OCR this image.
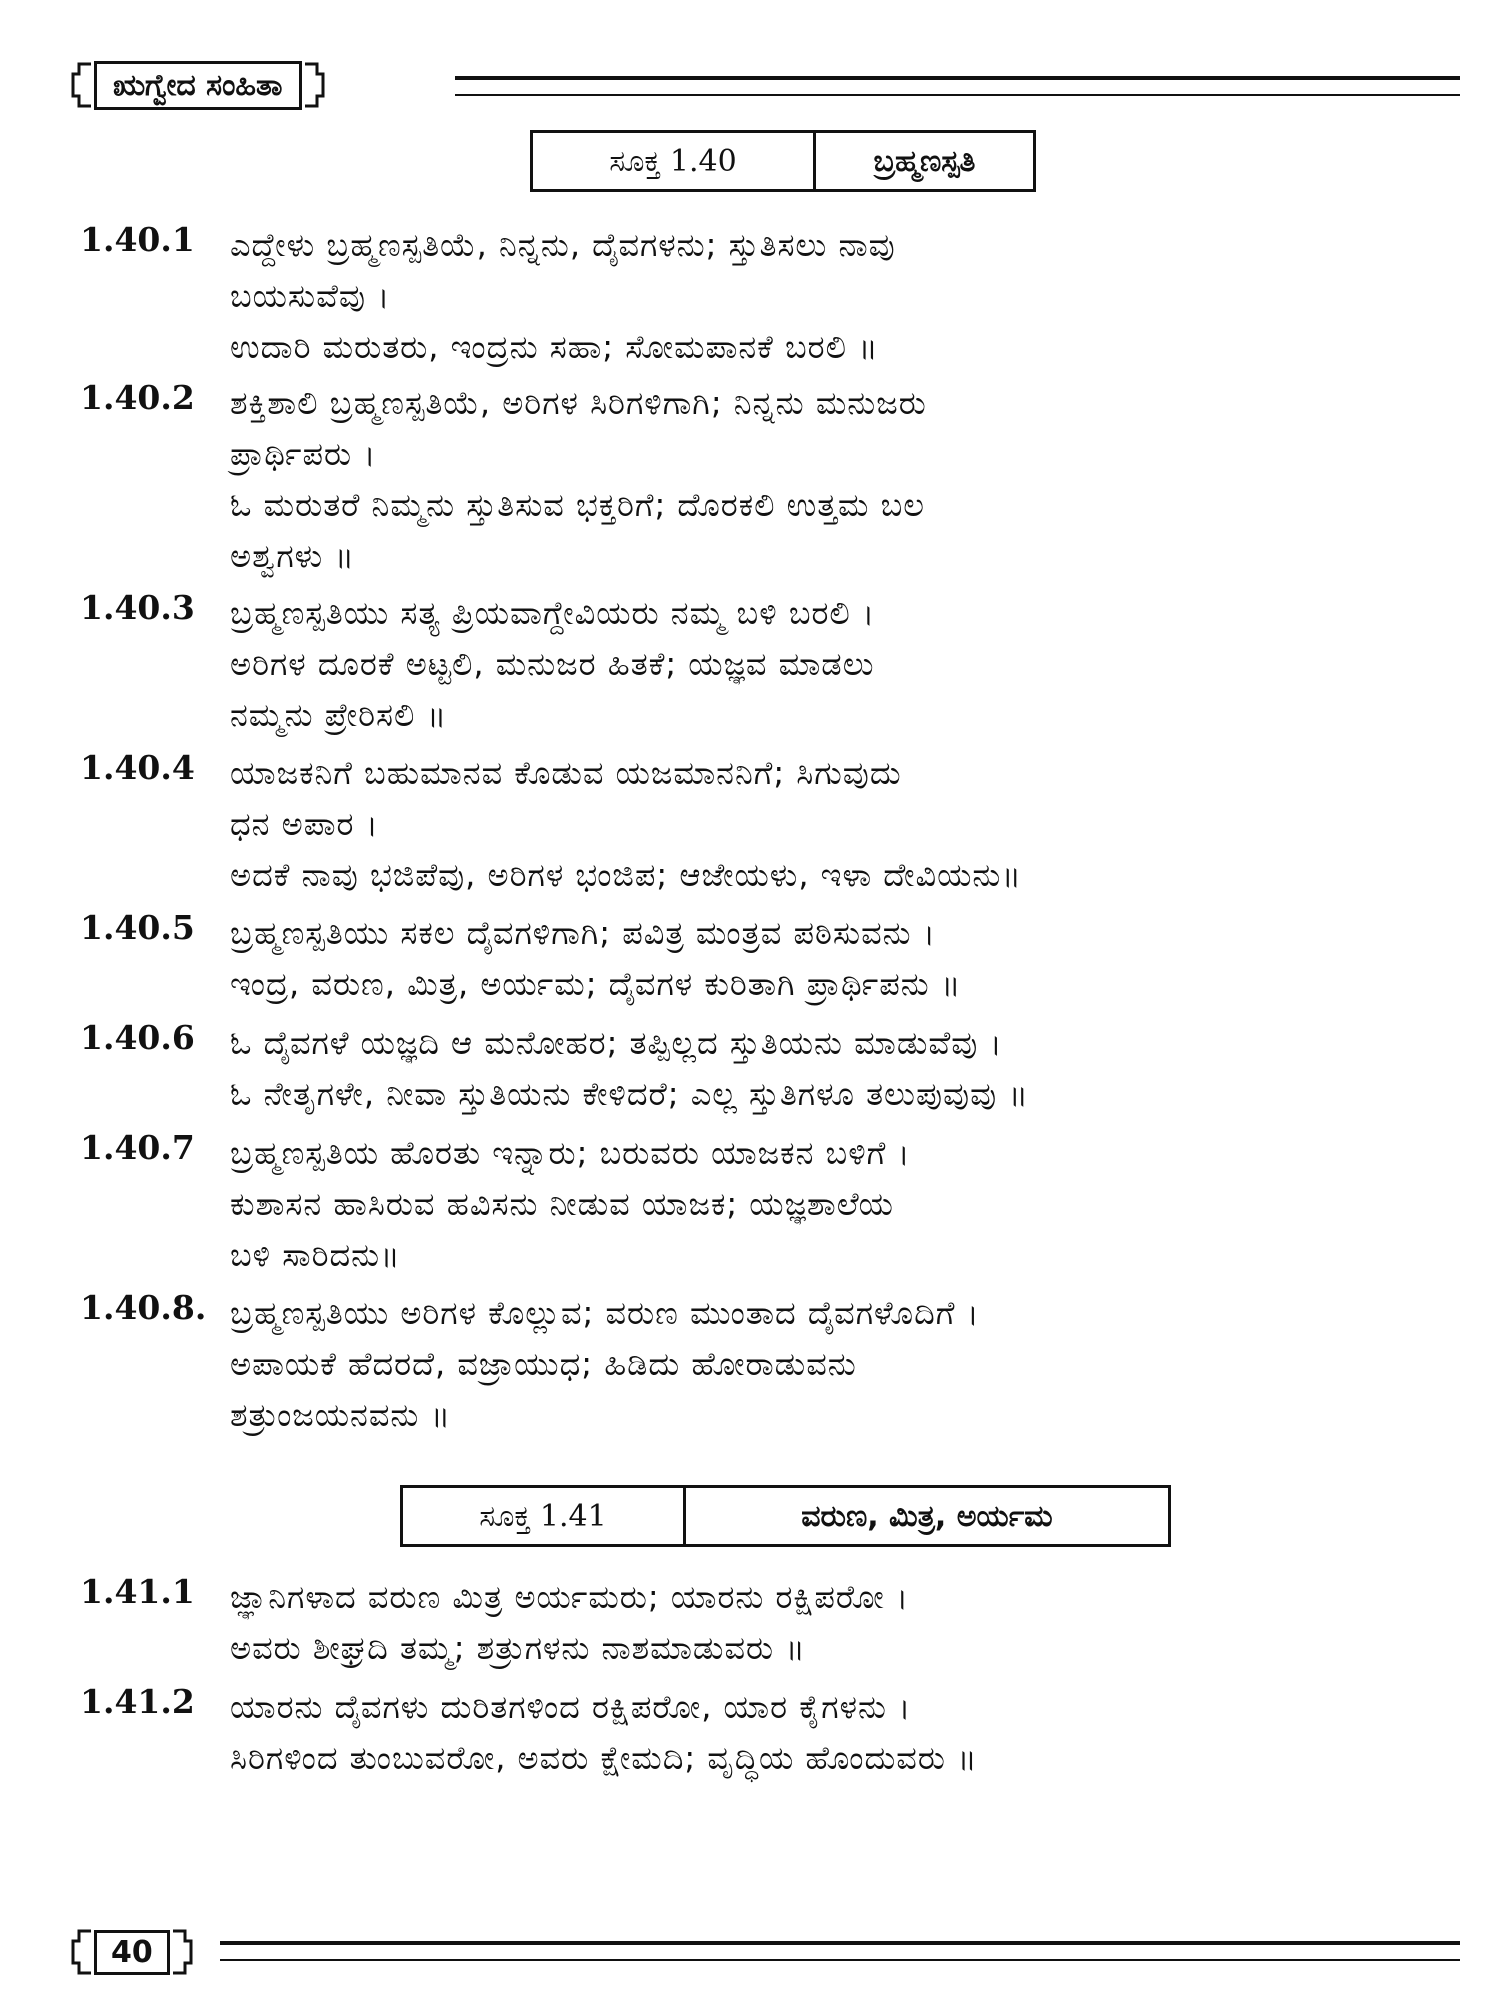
ಋಗ್ವೇದ ಸಂಹಿತಾ
ಸೂಕ್ತ 1.40	ಬ್ರಹ್ಮಣಸ್ಪತಿ
1.40.1	ಎದ್ದೇಳು ಬ್ರಹ್ಮಣಸ್ಪತಿಯೆ, ನಿನ್ನನು, ದೈವಗಳನು; ಸ್ತುತಿಸಲು ನಾವು
ಬಯಸುವೆವು ।
ಉದಾರಿ ಮರುತರು, ಇಂದ್ರನು ಸಹಾ; ಸೋಮಪಾನಕೆ ಬರಲಿ ॥
1.40.2	ಶಕ್ತಿಶಾಲಿ ಬ್ರಹ್ಮಣಸ್ಪತಿಯೆ, ಅರಿಗಳ ಸಿರಿಗಳಿಗಾಗಿ; ನಿನ್ನನು ಮನುಜರು
ಪ್ರಾರ್ಥಿಪರು ।
ಓ ಮರುತರೆ ನಿಮ್ಮನು ಸ್ತುತಿಸುವ ಭಕ್ತರಿಗೆ; ದೊರಕಲಿ ಉತ್ತಮ ಬಲ
ಅಶ್ವಗಳು ॥
1.40.3	ಬ್ರಹ್ಮಣಸ್ಪತಿಯು ಸತ್ಯ ಪ್ರಿಯವಾಗ್ದೇವಿಯರು ನಮ್ಮ ಬಳಿ ಬರಲಿ ।
ಅರಿಗಳ ದೂರಕೆ ಅಟ್ಟಲಿ, ಮನುಜರ ಹಿತಕೆ; ಯಜ್ಞವ ಮಾಡಲು
ನಮ್ಮನು ಪ್ರೇರಿಸಲಿ ॥
1.40.4	ಯಾಜಕನಿಗೆ ಬಹುಮಾನವ ಕೊಡುವ ಯಜಮಾನನಿಗೆ; ಸಿಗುವುದು
ಧನ ಅಪಾರ ।
ಅದಕೆ ನಾವು ಭಜಿಪೆವು, ಅರಿಗಳ ಭಂಜಿಪ; ಆಜೇಯಳು, ಇಳಾ ದೇವಿಯನು॥
1.40.5	ಬ್ರಹ್ಮಣಸ್ಪತಿಯು ಸಕಲ ದೈವಗಳಿಗಾಗಿ; ಪವಿತ್ರ ಮಂತ್ರವ ಪಠಿಸುವನು ।
ಇಂದ್ರ, ವರುಣ, ಮಿತ್ರ, ಅರ್ಯಮ; ದೈವಗಳ ಕುರಿತಾಗಿ ಪ್ರಾರ್ಥಿಪನು ॥
1.40.6	ಓ ದೈವಗಳೆ ಯಜ್ಞದಿ ಆ ಮನೋಹರ; ತಪ್ಪಿಲ್ಲದ ಸ್ತುತಿಯನು ಮಾಡುವೆವು ।
ಓ ನೇತೃಗಳೇ, ನೀವಾ ಸ್ತುತಿಯನು ಕೇಳಿದರೆ; ಎಲ್ಲ ಸ್ತುತಿಗಳೂ ತಲುಪುವುವು ॥
1.40.7	ಬ್ರಹ್ಮಣಸ್ಪತಿಯ ಹೊರತು ಇನ್ನಾರು; ಬರುವರು ಯಾಜಕನ ಬಳಿಗೆ ।
ಕುಶಾಸನ ಹಾಸಿರುವ ಹವಿಸನು ನೀಡುವ ಯಾಜಕ; ಯಜ್ಞಶಾಲೆಯ
ಬಳಿ ಸಾರಿದನು॥
1.40.8. ಬ್ರಹ್ಮಣಸ್ಪತಿಯು ಅರಿಗಳ ಕೊಲ್ಲುವ; ವರುಣ ಮುಂತಾದ ದೈವಗಳೊದಿಗೆ ।
ಅಪಾಯಕೆ ಹೆದರದೆ, ವಜ್ರಾಯುಧ; ಹಿಡಿದು ಹೋರಾಡುವನು
ಶತ್ರುಂಜಯನವನು ॥
ಸೂಕ್ತ 1.41	ವರುಣ, ಮಿತ್ರ, ಅರ್ಯಮ
1.41.1	ಜ್ಞಾನಿಗಳಾದ ವರುಣ ಮಿತ್ರ ಅರ್ಯಮರು; ಯಾರನು ರಕ್ಷಿಪರೋ ।
ಅವರು ಶೀಘ್ರದಿ ತಮ್ಮ; ಶತ್ರುಗಳನು ನಾಶಮಾಡುವರು ॥
1.41.2	ಯಾರನು ದೈವಗಳು ದುರಿತಗಳಿಂದ ರಕ್ಷಿಪರೋ, ಯಾರ ಕೈಗಳನು ।
ಸಿರಿಗಳಿಂದ ತುಂಬುವರೋ, ಅವರು ಕ್ಷೇಮದಿ; ವೃದ್ಧಿಯ ಹೊಂದುವರು ॥
40
